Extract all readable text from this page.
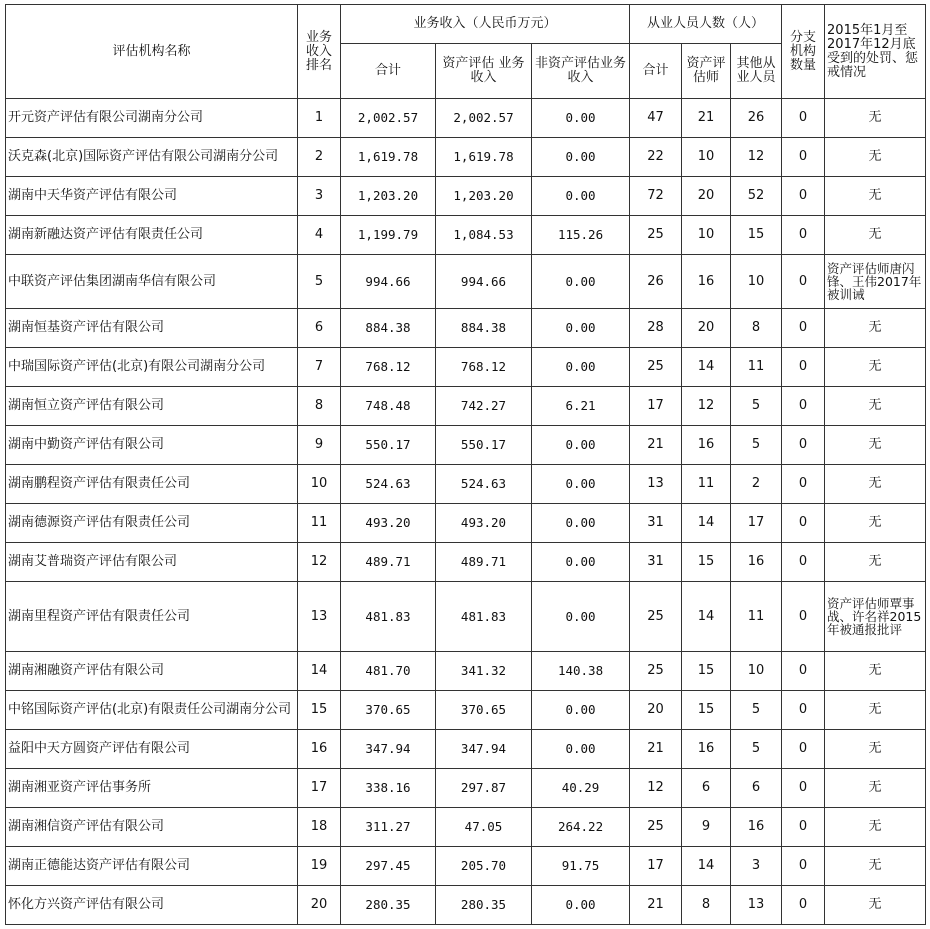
评估机构名称	业务收入排名	业务收入（人民币万元）			从业人员人数（人）			分支机构数量	2015年1月至2017年12月底受到的处罚、惩戒情况
		合计	资产评估 业务收入	非资产评估业务收入	合计	资产评估师	其他从业人员		
开元资产评估有限公司湖南分公司	1	2,002.57	2,002.57	0.00	47	21	26	0	无
沃克森(北京)国际资产评估有限公司湖南分公司	2	1,619.78	1,619.78	0.00	22	10	12	0	无
湖南中天华资产评估有限公司	3	1,203.20	1,203.20	0.00	72	20	52	0	无
湖南新融达资产评估有限责任公司	4	1,199.79	1,084.53	115.26	25	10	15	0	无
中联资产评估集团湖南华信有限公司	5	994.66	994.66	0.00	26	16	10	0	资产评估师唐闪锋、王伟2017年被训诫
湖南恒基资产评估有限公司	6	884.38	884.38	0.00	28	20	8	0	无
中瑞国际资产评估(北京)有限公司湖南分公司	7	768.12	768.12	0.00	25	14	11	0	无
湖南恒立资产评估有限公司	8	748.48	742.27	6.21	17	12	5	0	无
湖南中勤资产评估有限公司	9	550.17	550.17	0.00	21	16	5	0	无
湖南鹏程资产评估有限责任公司	10	524.63	524.63	0.00	13	11	2	0	无
湖南德源资产评估有限责任公司	11	493.20	493.20	0.00	31	14	17	0	无
湖南艾普瑞资产评估有限公司	12	489.71	489.71	0.00	31	15	16	0	无
湖南里程资产评估有限责任公司	13	481.83	481.83	0.00	25	14	11	0	资产评估师覃事战、许名祥2015年被通报批评
湖南湘融资产评估有限公司	14	481.70	341.32	140.38	25	15	10	0	无
中铭国际资产评估(北京)有限责任公司湖南分公司	15	370.65	370.65	0.00	20	15	5	0	无
益阳中天方圆资产评估有限公司	16	347.94	347.94	0.00	21	16	5	0	无
湖南湘亚资产评估事务所	17	338.16	297.87	40.29	12	6	6	0	无
湖南湘信资产评估有限公司	18	311.27	47.05	264.22	25	9	16	0	无
湖南正德能达资产评估有限公司	19	297.45	205.70	91.75	17	14	3	0	无
怀化方兴资产评估有限公司	20	280.35	280.35	0.00	21	8	13	0	无
